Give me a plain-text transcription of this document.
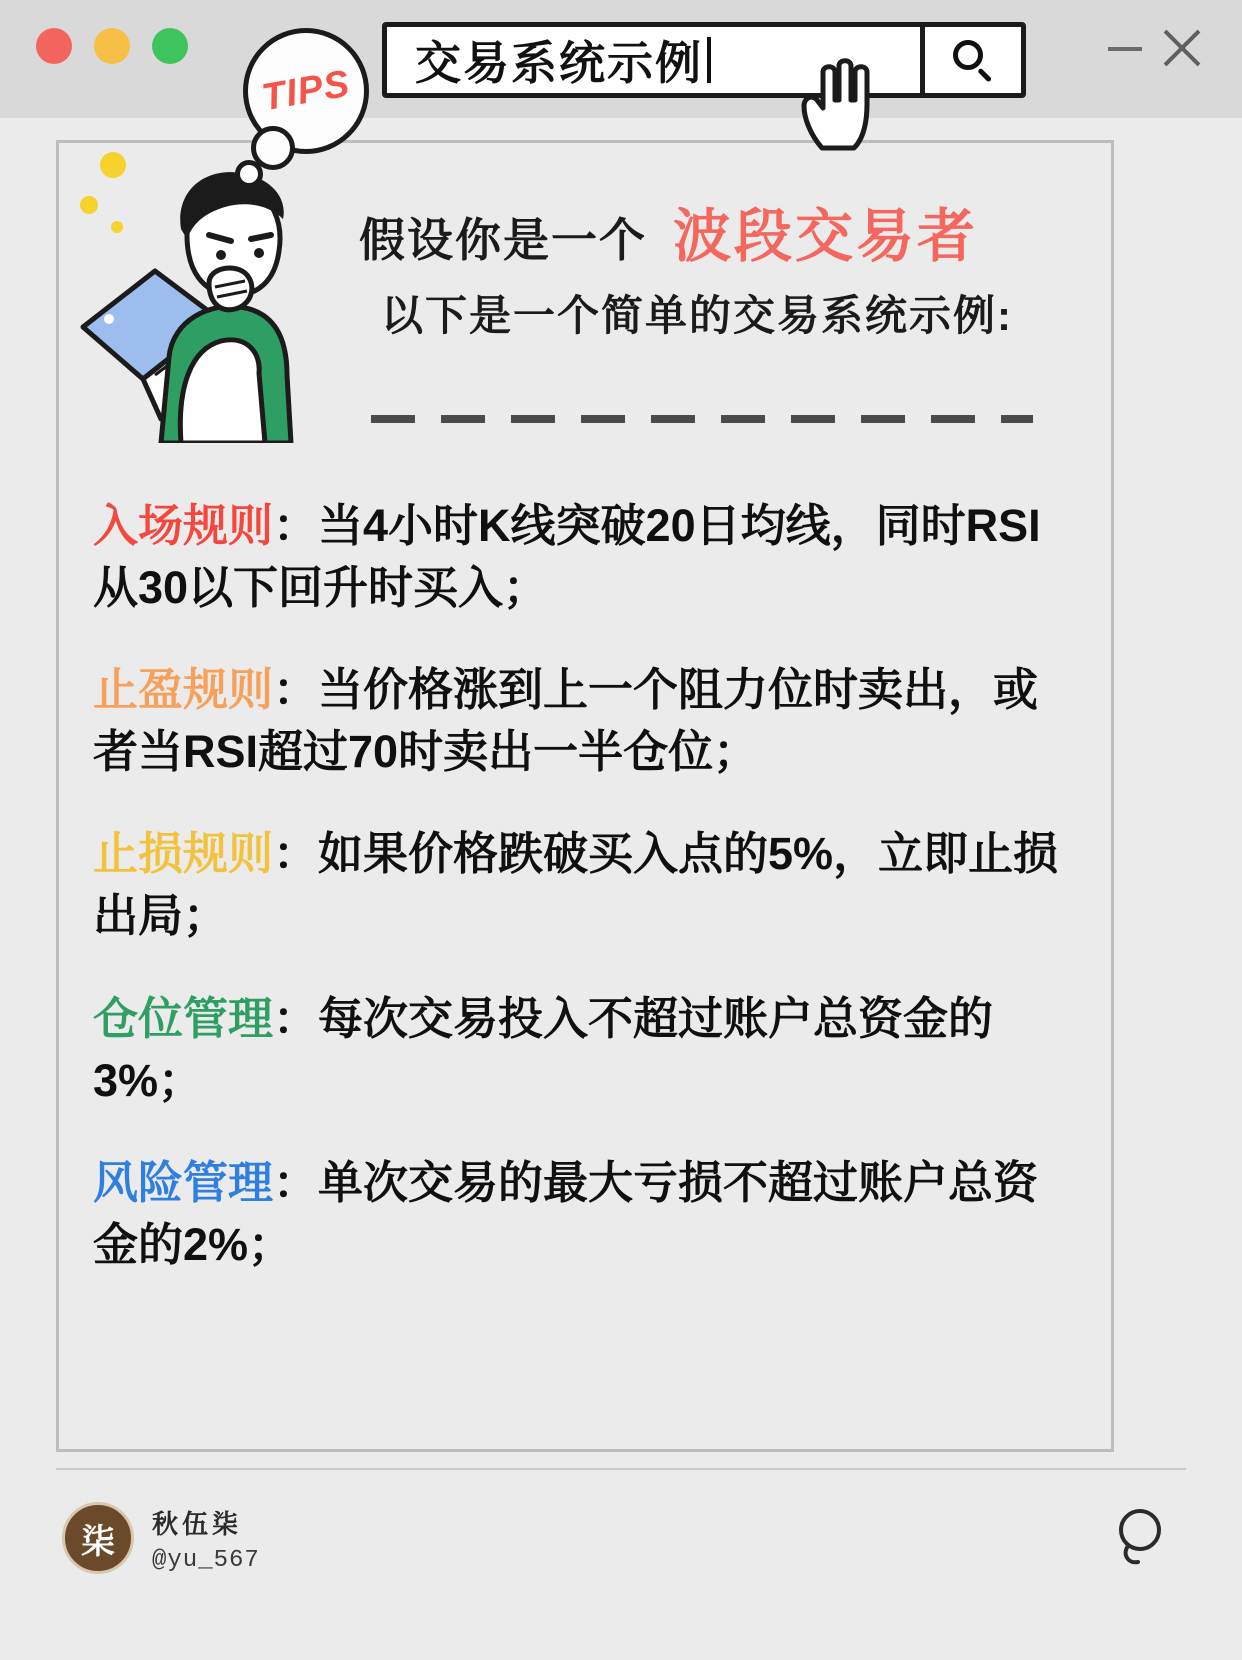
交易系统示例
TIPS
假设你是一个 波段交易者
以下是一个简单的交易系统示例:
入场规则：当4小时K线突破20日均线，同时RSI从30以下回升时买入；
止盈规则：当价格涨到上一个阻力位时卖出，或者当RSI超过70时卖出一半仓位；
止损规则：如果价格跌破买入点的5%，立即止损出局；
仓位管理：每次交易投入不超过账户总资金的3%；
风险管理：单次交易的最大亏损不超过账户总资金的2%；
柒	秋伍柒
@yu_567
